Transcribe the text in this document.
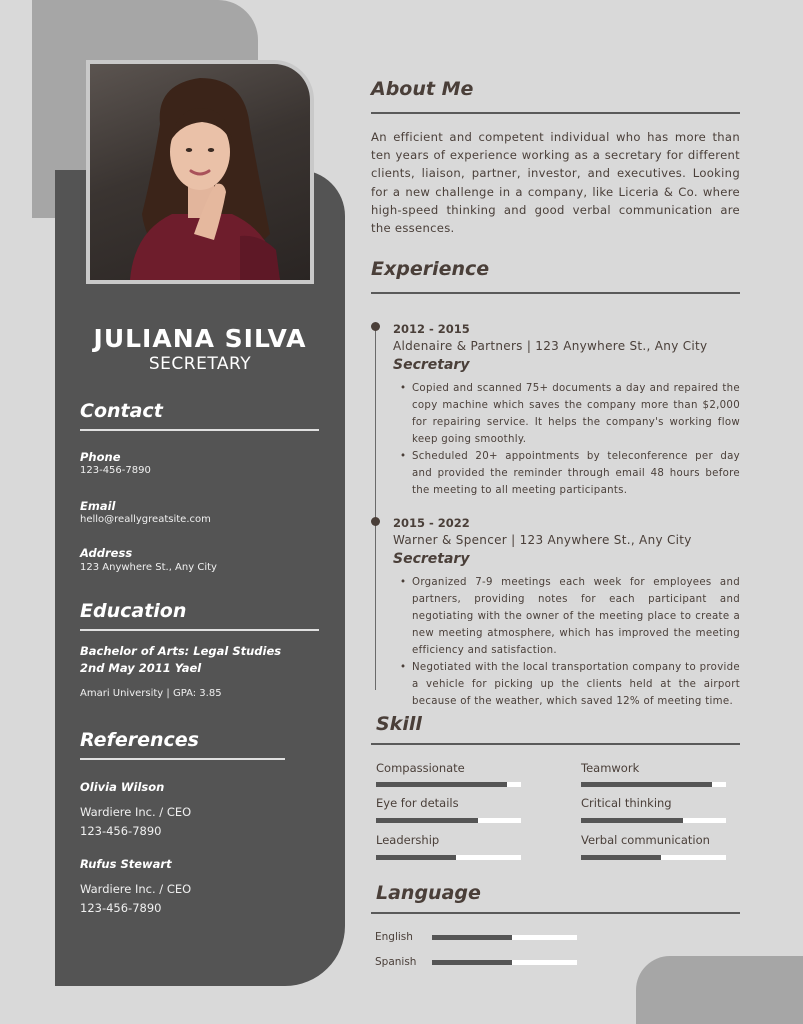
JULIANA SILVA
SECRETARY
Contact
Phone
123-456-7890
Email
hello@reallygreatsite.com
Address
123 Anywhere St., Any City
Education
Bachelor of Arts: Legal Studies
2nd May 2011 Yael
Amari University | GPA: 3.85
References
Olivia Wilson
Wardiere Inc. / CEO
123-456-7890
Rufus Stewart
Wardiere Inc. / CEO
123-456-7890
About Me
An efficient and competent individual who has more than ten years of experience working as a secretary for different clients, liaison, partner, investor, and executives. Looking for a new challenge in a company, like Liceria & Co. where high-speed thinking and good verbal communication are the essences.
Experience
2012 - 2015
Aldenaire & Partners | 123 Anywhere St., Any City
Secretary
• Copied and scanned 75+ documents a day and repaired the copy machine which saves the company more than $2,000 for repairing service. It helps the company's working flow keep going smoothly.
• Scheduled 20+ appointments by teleconference per day and provided the reminder through email 48 hours before the meeting to all meeting participants.
2015 - 2022
Warner & Spencer | 123 Anywhere St., Any City
Secretary
• Organized 7-9 meetings each week for employees and partners, providing notes for each participant and negotiating with the owner of the meeting place to create a new meeting atmosphere, which has improved the meeting efficiency and satisfaction.
• Negotiated with the local transportation company to provide a vehicle for picking up the clients held at the airport because of the weather, which saved 12% of meeting time.
Skill
Compassionate	Teamwork
Eye for details	Critical thinking
Leadership	Verbal communication
Language
English
Spanish
